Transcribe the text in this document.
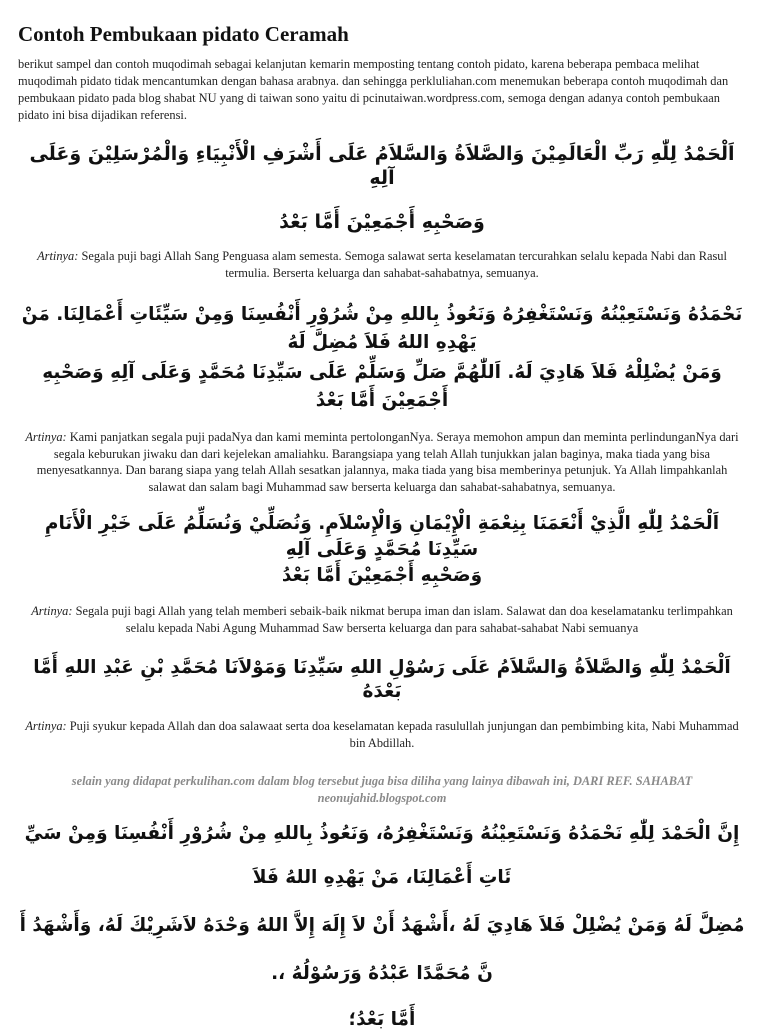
Contoh Pembukaan pidato Ceramah

berikut sampel dan contoh muqodimah sebagai kelanjutan kemarin memposting tentang contoh pidato, karena beberapa pembaca melihat muqodimah pidato tidak mencantumkan dengan bahasa arabnya. dan sehingga perkluliahan.com menemukan beberapa contoh muqodimah dan pembukaan pidato pada blog shabat NU yang di taiwan sono yaitu di pcinutaiwan.wordpress.com, semoga dengan adanya contoh pembukaan pidato ini bisa dijadikan referensi.

اَلْحَمْدُ لِلّٰهِ رَبِّ الْعَالَمِيْنَ وَالصَّلاَةُ وَالسَّلاَمُ عَلَى أَشْرَفِ الْأَنْبِيَاءِ وَالْمُرْسَلِيْنَ وَعَلَى آلِهِ

وَصَحْبِهِ أَجْمَعِيْنَ أَمَّا بَعْدُ

Artinya: Segala puji bagi Allah Sang Penguasa alam semesta. Semoga salawat serta keselamatan tercurahkan selalu kepada Nabi dan Rasul termulia. Berserta keluarga dan sahabat-sahabatnya, semuanya.

نَحْمَدُهُ وَنَسْتَعِيْنُهُ وَنَسْتَغْفِرُهُ وَنَعُوذُ بِاللهِ مِنْ شُرُوْرِ أَنْفُسِنَا وَمِنْ سَيِّئَاتِ أَعْمَالِنَا. مَنْ يَهْدِهِ اللهُ فَلاَ مُضِلَّ لَهُ

وَمَنْ يُضْلِلْهُ فَلاَ هَادِيَ لَهُ. اَللّٰهُمَّ صَلِّ وَسَلِّمْ عَلَى سَيِّدِنَا مُحَمَّدٍ وَعَلَى آلِهِ وَصَحْبِهِ أَجْمَعِيْنَ أَمَّا بَعْدُ

Artinya: Kami panjatkan segala puji padaNya dan kami meminta pertolonganNya. Seraya memohon ampun dan meminta perlindunganNya dari segala keburukan jiwaku dan dari kejelekan amaliahku. Barangsiapa yang telah Allah tunjukkan jalan baginya, maka tiada yang bisa menyesatkannya. Dan barang siapa yang telah Allah sesatkan jalannya, maka tiada yang bisa memberinya petunjuk. Ya Allah limpahkanlah salawat dan salam bagi Muhammad saw berserta keluarga dan sahabat-sahabatnya, semuanya.

اَلْحَمْدُ لِلّٰهِ الَّذِيْ أَنْعَمَنَا بِنِعْمَةِ الْإِيْمَانِ وَالْإِسْلاَمِ. وَنُصَلِّيْ وَنُسَلِّمُ عَلَى خَيْرِ الْأَنَامِ سَيِّدِنَا مُحَمَّدٍ وَعَلَى آلِهِ

وَصَحْبِهِ أَجْمَعِيْنَ أَمَّا بَعْدُ

Artinya: Segala puji bagi Allah yang telah memberi sebaik-baik nikmat berupa iman dan islam. Salawat dan doa keselamatanku terlimpahkan selalu kepada Nabi Agung Muhammad Saw berserta keluarga dan para sahabat-sahabat Nabi semuanya

اَلْحَمْدُ لِلّٰهِ وَالصَّلاَةُ وَالسَّلاَمُ عَلَى رَسُوْلِ اللهِ سَيِّدِنَا وَمَوْلاَنَا مُحَمَّدِ بْنِ عَبْدِ اللهِ أَمَّا بَعْدَهُ

Artinya: Puji syukur kepada Allah dan doa salawaat serta doa keselamatan kepada rasulullah junjungan dan pembimbing kita, Nabi Muhammad bin Abdillah.

selain yang didapat perkulihan.com dalam blog tersebut juga bisa diliha yang lainya dibawah ini, DARI REF. SAHABAT neonujahid.blogspot.com

إِنَّ الْحَمْدَ لِلّٰهِ نَحْمَدُهُ وَنَسْتَعِيْنُهُ وَنَسْتَغْفِرُهُ، وَنَعُوذُ بِاللهِ مِنْ شُرُوْرِ أَنْفُسِنَا وَمِنْ سَيِّ

ئَاتِ أَعْمَالِنَا، مَنْ يَهْدِهِ اللهُ فَلاَ

مُضِلَّ لَهُ وَمَنْ يُضْلِلْ فَلاَ هَادِيَ لَهُ ،أَشْهَدُ أَنْ لاَ إِلَهَ إِلاَّ اللهُ وَحْدَهُ لاَشَرِيْكَ لَهُ، وَأَشْهَدُ أَ

نَّ مُحَمَّدًا عَبْدُهُ وَرَسُوْلُهُ ،.

أَمَّا بَعْدُ؛
